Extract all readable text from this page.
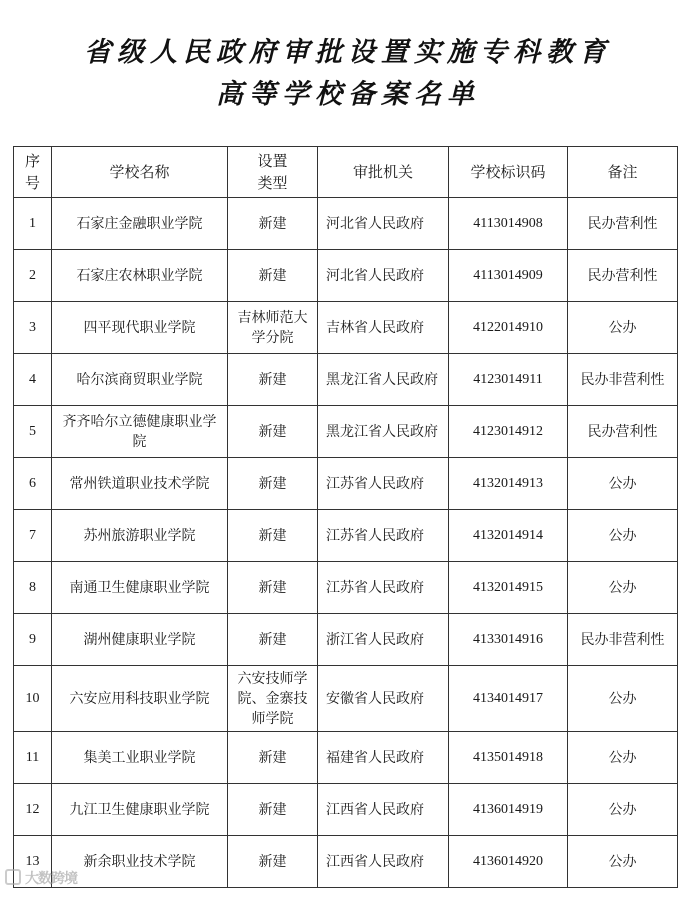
省级人民政府审批设置实施专科教育
高等学校备案名单
序号	学校名称	设置类型	审批机关	学校标识码	备注
1	石家庄金融职业学院	新建	河北省人民政府	4113014908	民办营利性
2	石家庄农林职业学院	新建	河北省人民政府	4113014909	民办营利性
3	四平现代职业学院	吉林师范大学分院	吉林省人民政府	4122014910	公办
4	哈尔滨商贸职业学院	新建	黑龙江省人民政府	4123014911	民办非营利性
5	齐齐哈尔立德健康职业学院	新建	黑龙江省人民政府	4123014912	民办营利性
6	常州铁道职业技术学院	新建	江苏省人民政府	4132014913	公办
7	苏州旅游职业学院	新建	江苏省人民政府	4132014914	公办
8	南通卫生健康职业学院	新建	江苏省人民政府	4132014915	公办
9	湖州健康职业学院	新建	浙江省人民政府	4133014916	民办非营利性
10	六安应用科技职业学院	六安技师学院、金寨技师学院	安徽省人民政府	4134014917	公办
11	集美工业职业学院	新建	福建省人民政府	4135014918	公办
12	九江卫生健康职业学院	新建	江西省人民政府	4136014919	公办
13	新余职业技术学院	新建	江西省人民政府	4136014920	公办
大数跨境
